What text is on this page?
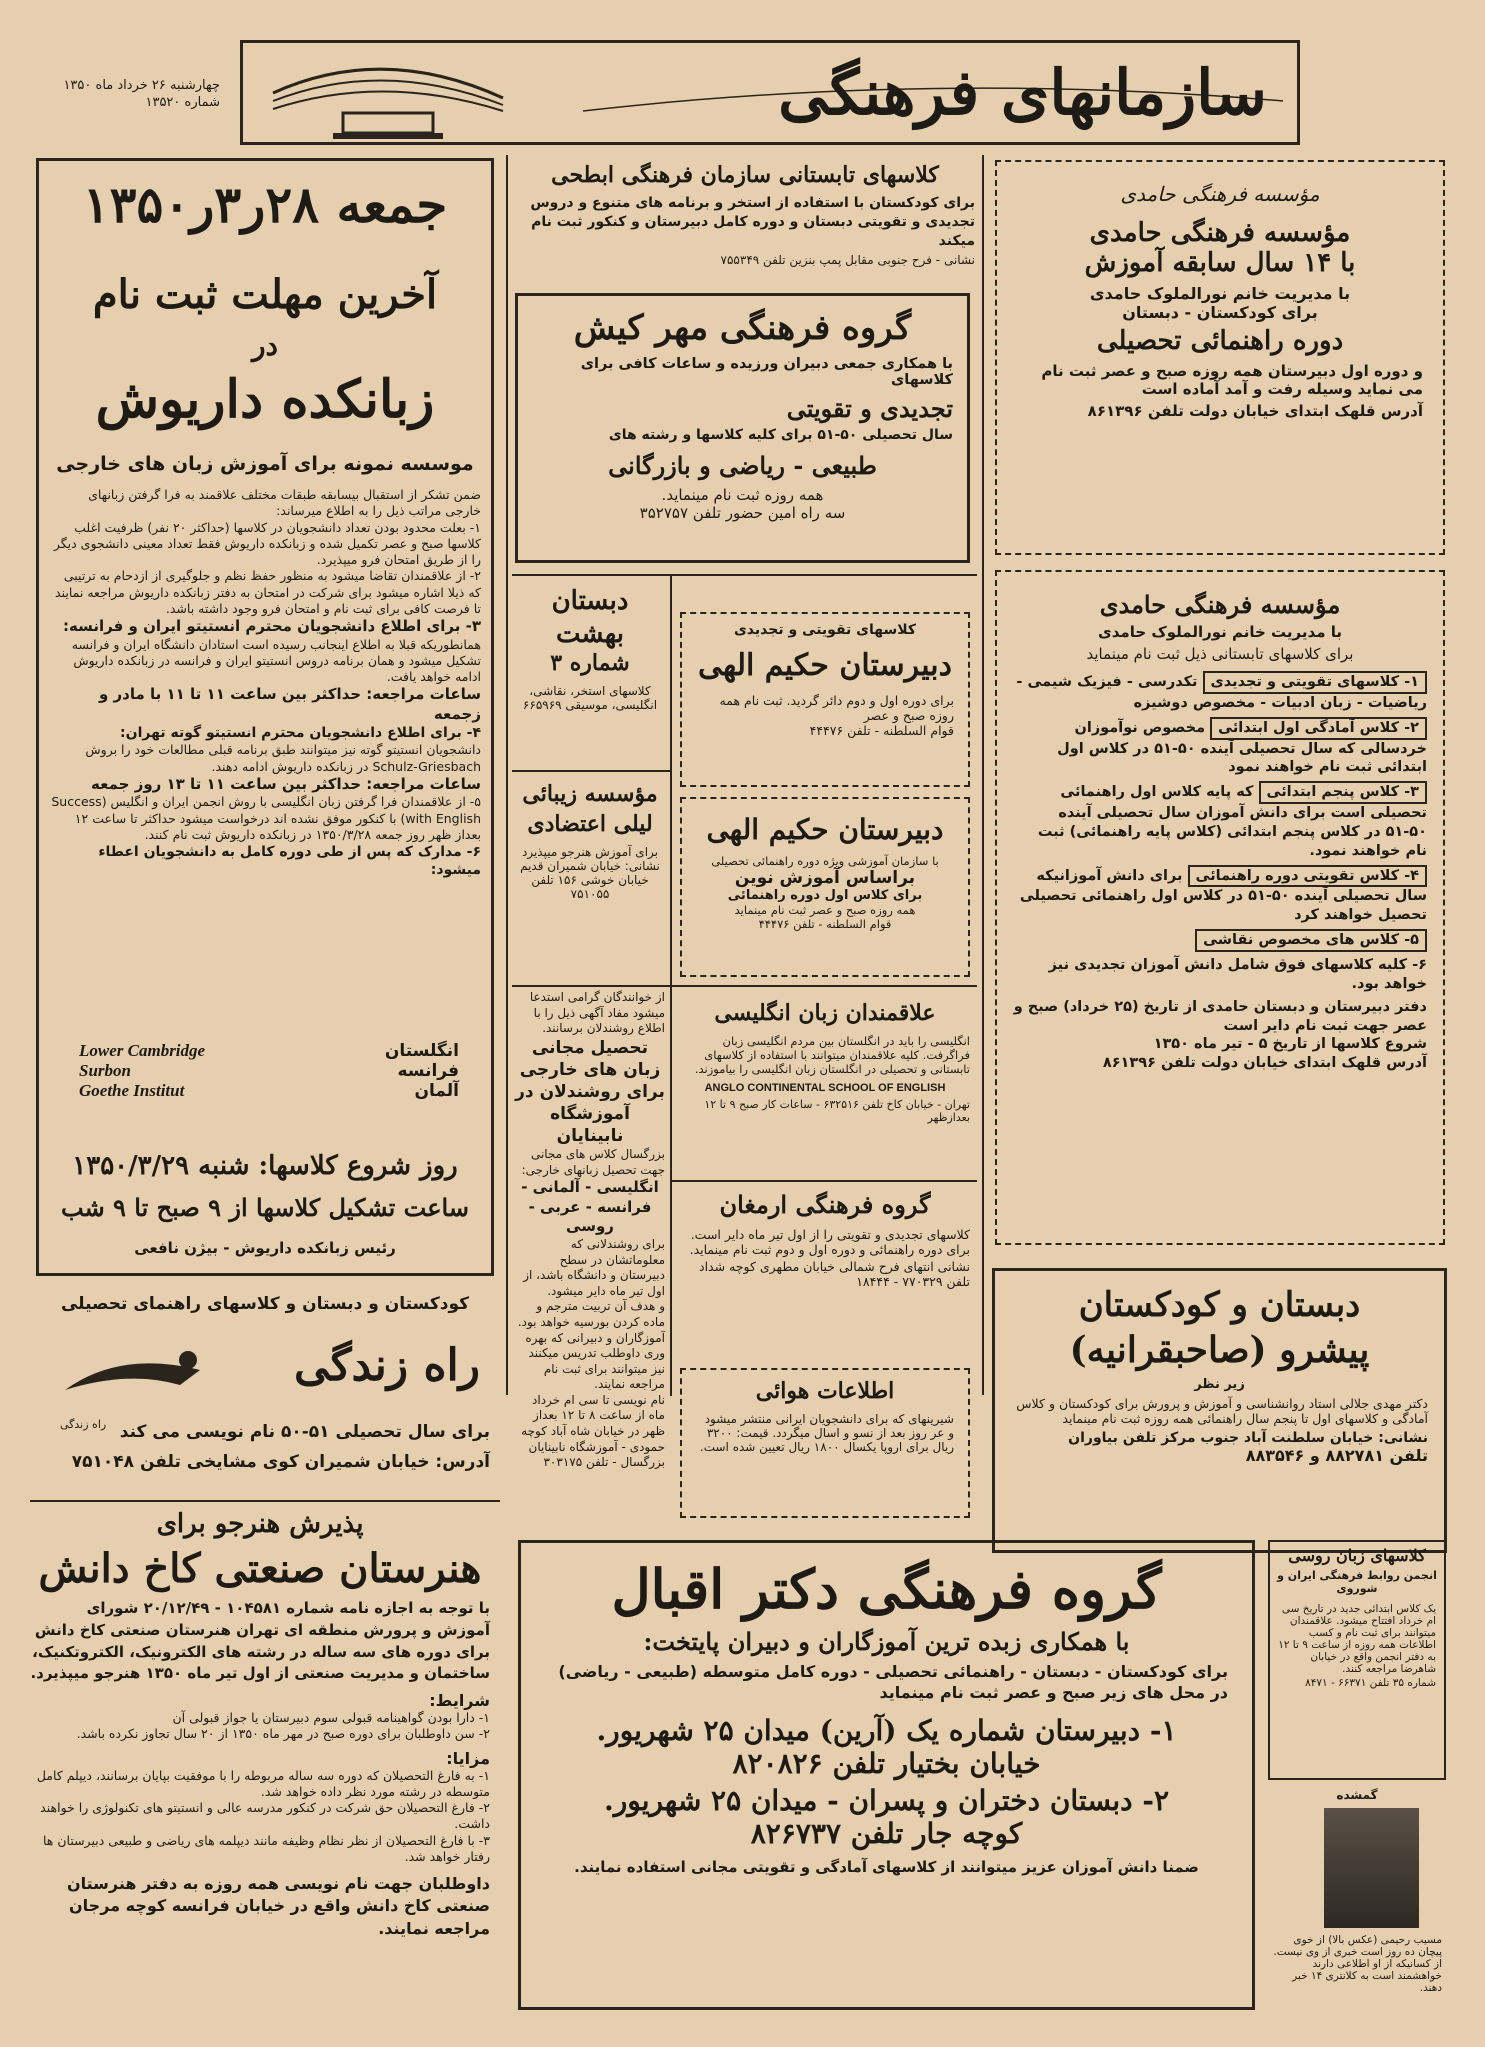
چهارشنبه ۲۶ خرداد ماه ۱۳۵۰

شماره ۱۳۵۲۰	سازمانهای فرهنگی
جمعه ۲۸ر۳ر۱۳۵۰
آخرین مهلت ثبت نام
در
زبانکده داریوش
موسسه نمونه برای آموزش زبان های خارجی

ضمن تشکر از استقبال بیسابقه طبقات مختلف علاقمند به فرا گرفتن زبانهای خارجی مراتب ذیل را به اطلاع میرساند:

۱- بعلت محدود بودن تعداد دانشجویان در کلاسها (حداکثر ۲۰ نفر) ظرفیت اغلب کلاسها صبح و عصر تکمیل شده و زبانکده داریوش فقط تعداد معینی دانشجوی دیگر را از طریق امتحان فرو میپذیرد.

۲- از علاقمندان تقاضا میشود به منظور حفظ نظم و جلوگیری از ازدحام به ترتیبی که ذیلا اشاره میشود برای شرکت در امتحان به دفتر زبانکده داریوش مراجعه نمایند تا فرصت کافی برای ثبت نام و امتحان فرو وجود داشته باشد.

۳- برای اطلاع دانشجویان محترم انستیتو ایران و فرانسه:

همانطوریکه قبلا به اطلاع اینجانب رسیده است استادان دانشگاه ایران و فرانسه تشکیل میشود و همان برنامه دروس انستیتو ایران و فرانسه در زبانکده داریوش ادامه خواهد یافت.

ساعات مراجعه: حداکثر بین ساعت ۱۱ تا ۱۱ با مادر و زجمعه

۴- برای اطلاع دانشجویان محترم انستیتو گوته تهران:

دانشجویان انستیتو گوته نیز میتوانند طبق برنامه قبلی مطالعات خود را بروش Schulz-Griesbach در زبانکده داریوش ادامه دهند.

ساعات مراجعه: حداکثر بین ساعت ۱۱ تا ۱۳ روز جمعه

۵- از علاقمندان فرا گرفتن زبان انگلیسی با روش انجمن ایران و انگلیس (Success with English) با کنکور موفق نشده اند درخواست میشود حداکثر تا ساعت ۱۲ بعداز ظهر روز جمعه ۱۳۵۰/۳/۲۸ در زبانکده داریوش ثبت نام کنند.

۶- مدارک که پس از طی دوره کامل به دانشجویان اعطاء میشود:

Lower Cambridge	انگلستان
Surbon	فرانسه
Goethe Institut	آلمان
روز شروع کلاسها: شنبه ۱۳۵۰/۳/۲۹
ساعت تشکیل کلاسها از ۹ صبح تا ۹ شب
رئیس زبانکده داریوش - بیژن نافعی
کودکستان و دبستان و کلاسهای راهنمای تحصیلی
راه زندگی
راه زندگی برای سال تحصیلی ۵۱-۵۰ نام نویسی می کند
آدرس: خیابان شمیران کوی مشایخی تلفن ۷۵۱۰۴۸
پذیرش هنرجو برای
هنرستان صنعتی کاخ دانش
با توجه به اجازه نامه شماره ۱۰۴۵۸۱ - ۲۰/۱۲/۴۹ شورای آموزش و پرورش منطقه ای تهران هنرستان صنعتی کاخ دانش برای دوره های سه ساله در رشته های الکترونیک، الکتروتکنیک، ساختمان و مدیریت صنعتی از اول تیر ماه ۱۳۵۰ هنرجو میپذیرد.
شرایط:

۱- دارا بودن گواهینامه قبولی سوم دبیرستان یا جواز قبولی آن

۲- سن داوطلبان برای دوره صبح در مهر ماه ۱۳۵۰ از ۲۰ سال تجاوز نکرده باشد.

مزایا:

۱- به فارغ التحصیلان که دوره سه ساله مربوطه را با موفقیت بپایان برسانند، دیپلم کامل متوسطه در رشته مورد نظر داده خواهد شد.

۲- فارغ التحصیلان حق شرکت در کنکور مدرسه عالی و انستیتو های تکنولوژی را خواهند داشت.

۳- با فارغ التحصیلان از نظر نظام وظیفه مانند دیپلمه های ریاضی و طبیعی دبیرستان ها رفتار خواهد شد.

داوطلبان جهت نام نویسی همه روزه به دفتر هنرستان صنعتی کاخ دانش واقع در خیابان فرانسه کوچه مرجان مراجعه نمایند.
کلاسهای تابستانی سازمان فرهنگی ابطحی
برای کودکستان با استفاده از استخر و برنامه های متنوع و دروس تجدیدی و تقویتی دبستان و دوره کامل دبیرستان و کنکور ثبت نام میکند
نشانی - فرح جنوبی مقابل پمپ بنزین تلفن ۷۵۵۳۴۹
گروه فرهنگی مهر کیش
با همکاری جمعی دبیران ورزیده و ساعات کافی برای کلاسهای
تجدیدی و تقویتی
سال تحصیلی ۵۰-۵۱ برای کلیه کلاسها و رشته های
طبیعی - ریاضی و بازرگانی
همه روزه ثبت نام مینماید.
سه راه امین حضور تلفن ۳۵۲۷۵۷
دبستان بهشت
شماره ۳
کلاسهای استخر، نقاشی، انگلیسی، موسیقی ۶۶۵۹۶۹
مؤسسه زیبائی لیلی اعتضادی
برای آموزش هنرجو میپذیرد
نشانی: خیابان شمیران قدیم خیابان خوشی ۱۵۶ تلفن ۷۵۱۰۵۵

از خوانندگان گرامی استدعا میشود مفاد آگهی ذیل را با اطلاع روشندلان برسانند.

تحصیل مجانی زبان های خارجی برای روشندلان در آموزشگاه نابینایان

بزرگسال کلاس های مجانی جهت تحصیل زبانهای خارجی:

انگلیسی - آلمانی - فرانسه - عربی - روسی

برای روشندلانی که معلوماتشان در سطح دبیرستان و دانشگاه باشد، از اول تیر ماه دایر میشود.

و هدف آن تربیت مترجم و ماده کردن بورسیه خواهد بود.

آموزگاران و دبیرانی که بهره وری داوطلب تدریس میکنند نیز میتوانند برای ثبت نام مراجعه نمایند.

نام نویسی تا سی ام خرداد ماه از ساعت ۸ تا ۱۲ بعداز ظهر در خیابان شاه آباد کوچه حمودی - آموزشگاه نابینایان بزرگسال - تلفن ۳۰۳۱۷۵

کلاسهای تقویتی و تجدیدی
دبیرستان حکیم الهی
برای دوره اول و دوم دائر گردید. ثبت نام همه روزه صبح و عصر
قوام السلطنه - تلفن ۴۴۴۷۶
دبیرستان حکیم الهی
با سازمان آموزشی ویژه دوره راهنمائی تحصیلی
براساس آموزش نوین
برای کلاس اول دوره راهنمائی
همه روزه صبح و عصر ثبت نام مینماید
قوام السلطنه - تلفن ۴۴۴۷۶
علاقمندان زبان انگلیسی
انگلیسی را باید در انگلستان بین مردم انگلیسی زبان فراگرفت. کلیه علاقمندان میتوانند با استفاده از کلاسهای تابستانی و تحصیلی در انگلستان زبان انگلیسی را بیاموزند.
ANGLO CONTINENTAL SCHOOL OF ENGLISH
تهران - خیابان کاخ تلفن ۶۳۲۵۱۶ - ساعات کار صبح ۹ تا ۱۲ بعدازظهر
گروه فرهنگی ارمغان
کلاسهای تجدیدی و تقویتی را از اول تیر ماه دایر است. برای دوره راهنمائی و دوره اول و دوم ثبت نام مینماید.
نشانی انتهای فرح شمالی خیابان مطهری کوچه شداد تلفن ۷۷۰۳۲۹ - ۱۸۴۴۴
اطلاعات هوائی
شیرینهای که برای دانشجویان ایرانی منتشر میشود و عر روز بعد از نسو و اسال میگردد. قیمت: ۳۲۰۰ ریال برای اروپا یکسال ۱۸۰۰ ریال تعیین شده است.
مؤسسه فرهنگی حامدی
مؤسسه فرهنگی حامدی
با ۱۴ سال سابقه آموزش
با مدیریت خانم نورالملوک حامدی
برای کودکستان - دبستان
دوره راهنمائی تحصیلی
و دوره اول دبیرستان همه روزه صبح و عصر ثبت نام می نماید وسیله رفت و آمد آماده است
آدرس قلهک ابتدای خیابان دولت تلفن ۸۶۱۳۹۶
مؤسسه فرهنگی حامدی
با مدیریت خانم نورالملوک حامدی
برای کلاسهای تابستانی ذیل ثبت نام مینماید

۱- کلاسهای تقویتی و تجدیدی تکدرسی - فیزیک شیمی - ریاضیات - زبان ادبیات - مخصوص دوشیزه

۲- کلاس آمادگی اول ابتدائی مخصوص نوآموزان خردسالی که سال تحصیلی آینده ۵۰-۵۱ در کلاس اول ابتدائی ثبت نام خواهند نمود

۳- کلاس پنجم ابتدائی که پایه کلاس اول راهنمائی تحصیلی است برای دانش آموزان سال تحصیلی آینده ۵۰-۵۱ در کلاس پنجم ابتدائی (کلاس پایه راهنمائی) ثبت نام خواهند نمود.

۴- کلاس تقویتی دوره راهنمائی برای دانش آموزانیکه سال تحصیلی آینده ۵۰-۵۱ در کلاس اول راهنمائی تحصیلی تحصیل خواهند کرد

۵- کلاس های مخصوص نقاشی

۶- کلیه کلاسهای فوق شامل دانش آموزان تجدیدی نیز خواهد بود.

دفتر دبیرستان و دبستان حامدی از تاریخ (۲۵ خرداد) صبح و عصر جهت ثبت نام دایر است

شروع کلاسها از تاریخ ۵ - تیر ماه ۱۳۵۰

آدرس قلهک ابتدای خیابان دولت تلفن ۸۶۱۳۹۶

دبستان و کودکستان
پیشرو (صاحبقرانیه)
زیر نظر
دکتر مهدی جلالی استاد روانشناسی و آموزش و پرورش برای کودکستان و کلاس آمادگی و کلاسهای اول تا پنجم سال راهنمائی همه روزه ثبت نام مینماید
نشانی: خیابان سلطنت آباد جنوب مرکز تلفن بیاوران
تلفن ۸۸۲۷۸۱ و ۸۸۳۵۴۶
گروه فرهنگی دکتر اقبال
با همکاری زبده ترین آموزگاران و دبیران پایتخت:
برای کودکستان - دبستان - راهنمائی تحصیلی - دوره کامل متوسطه (طبیعی - ریاضی)
در محل های زیر صبح و عصر ثبت نام مینماید
۱- دبیرستان شماره یک (آرین) میدان ۲۵ شهریور.
خیابان بختیار تلفن ۸۲۰۸۲۶
۲- دبستان دختران و پسران - میدان ۲۵ شهریور.
کوچه جار تلفن ۸۲۶۷۳۷
ضمنا دانش آموزان عزیز میتوانند از کلاسهای آمادگی و تقویتی مجانی استفاده نمایند.
کلاسهای زبان روسی
انجمن روابط فرهنگی ایران و شوروی
یک کلاس ابتدائی جدید در تاریخ سی ام خرداد افتتاح میشود. علاقمندان میتوانند برای ثبت نام و کسب اطلاعات همه روزه از ساعت ۹ تا ۱۲ به دفتر انجمن واقع در خیابان شاهرضا مراجعه کنند.
شماره ۳۵ تلفن ۶۶۳۷۱ - ۸۴۷۱
گمشده
مسیب رحیمی (عکس بالا) از خوی پیچان ده روز است خبری از وی نیست. از کسانیکه از او اطلاعی دارند خواهشمند است به کلانتری ۱۴ خبر دهند.
